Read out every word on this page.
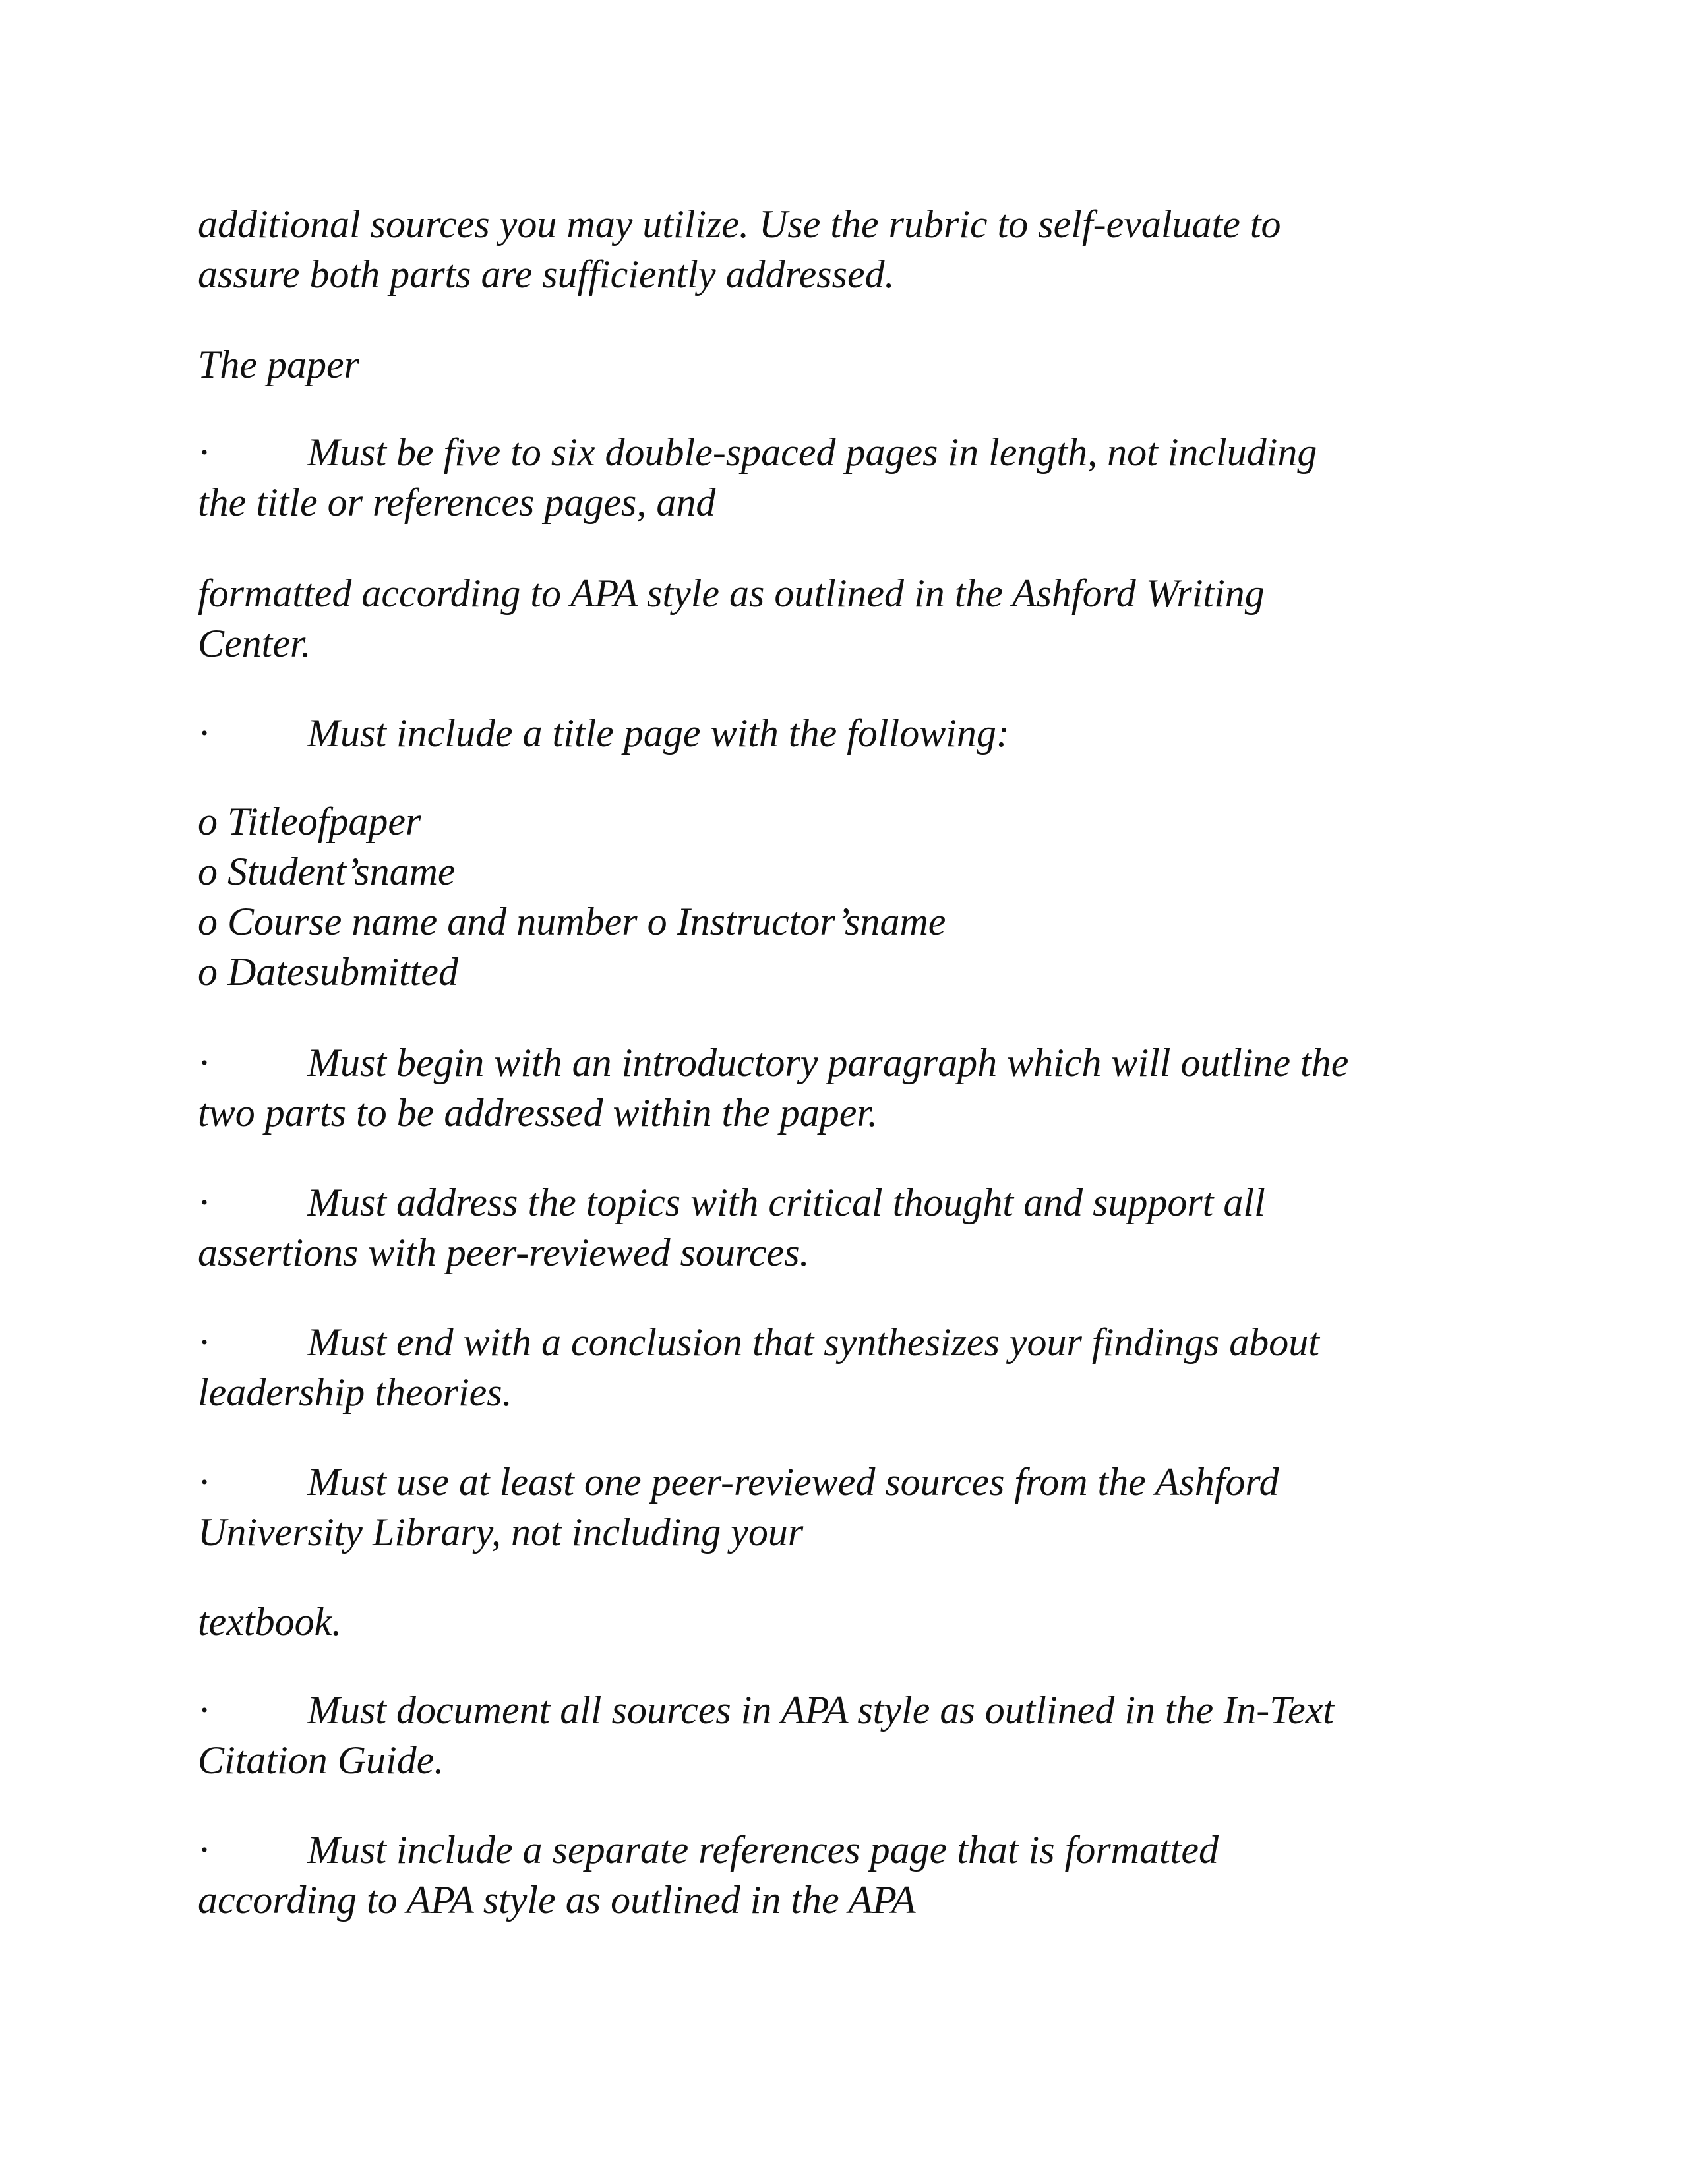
additional sources you may utilize. Use the rubric to self-evaluate to
assure both parts are sufficiently addressed.
The paper
·	Must be five to six double-spaced pages in length, not including
the title or references pages, and
formatted according to APA style as outlined in the Ashford Writing
Center.
·	Must include a title page with the following:
o Titleofpaper
o Student’sname
o Course name and number o Instructor’sname
o Datesubmitted
·	Must begin with an introductory paragraph which will outline the
two parts to be addressed within the paper.
·	Must address the topics with critical thought and support all
assertions with peer-reviewed sources.
·	Must end with a conclusion that synthesizes your findings about
leadership theories.
·	Must use at least one peer-reviewed sources from the Ashford
University Library, not including your
textbook.
·	Must document all sources in APA style as outlined in the In-Text
Citation Guide.
·	Must include a separate references page that is formatted
according to APA style as outlined in the APA
